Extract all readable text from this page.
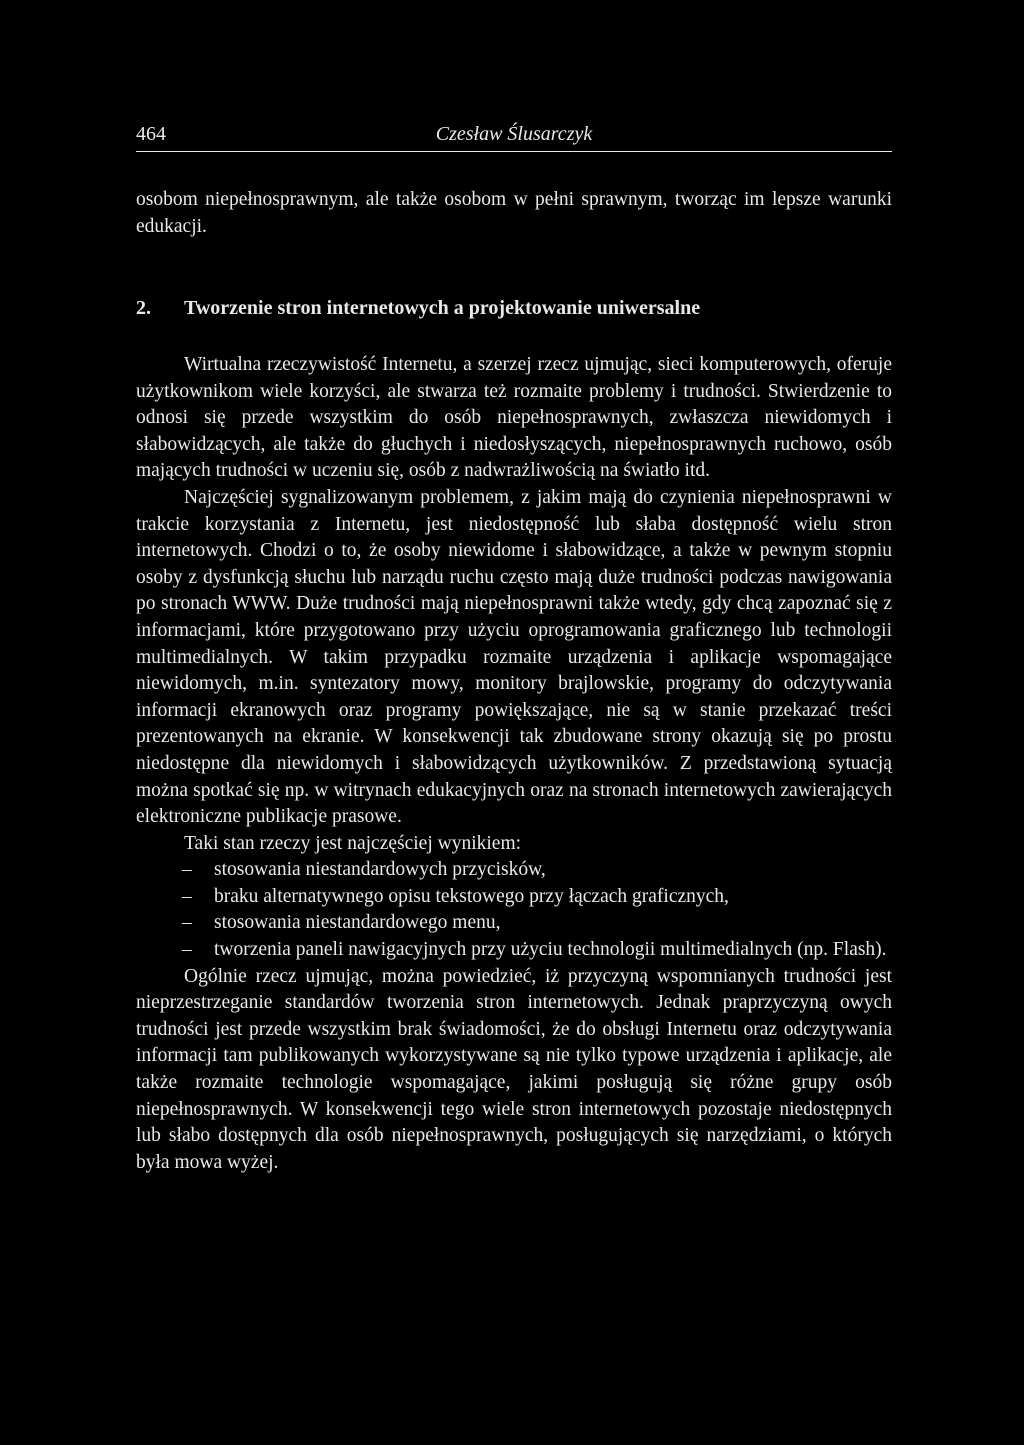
464	Czesław Ślusarczyk

osobom niepełnosprawnym, ale także osobom w pełni sprawnym, tworząc im lepsze warunki edukacji.

2. Tworzenie stron internetowych a projektowanie uniwersalne

Wirtualna rzeczywistość Internetu, a szerzej rzecz ujmując, sieci komputerowych, oferuje użytkownikom wiele korzyści, ale stwarza też rozmaite problemy i trudności. Stwierdzenie to odnosi się przede wszystkim do osób niepełnosprawnych, zwłaszcza niewidomych i słabowidzących, ale także do głuchych i niedosłyszących, niepełnosprawnych ruchowo, osób mających trudności w uczeniu się, osób z nadwrażliwością na światło itd.

Najczęściej sygnalizowanym problemem, z jakim mają do czynienia niepełnosprawni w trakcie korzystania z Internetu, jest niedostępność lub słaba dostępność wielu stron internetowych. Chodzi o to, że osoby niewidome i słabowidzące, a także w pewnym stopniu osoby z dysfunkcją słuchu lub narządu ruchu często mają duże trudności podczas nawigowania po stronach WWW. Duże trudności mają niepełnosprawni także wtedy, gdy chcą zapoznać się z informacjami, które przygotowano przy użyciu oprogramowania graficznego lub technologii multimedialnych. W takim przypadku rozmaite urządzenia i aplikacje wspomagające niewidomych, m.in. syntezatory mowy, monitory brajlowskie, programy do odczytywania informacji ekranowych oraz programy powiększające, nie są w stanie przekazać treści prezentowanych na ekranie. W konsekwencji tak zbudowane strony okazują się po prostu niedostępne dla niewidomych i słabowidzących użytkowników. Z przedstawioną sytuacją można spotkać się np. w witrynach edukacyjnych oraz na stronach internetowych zawierających elektroniczne publikacje prasowe.

Taki stan rzeczy jest najczęściej wynikiem:

– stosowania niestandardowych przycisków,
– braku alternatywnego opisu tekstowego przy łączach graficznych,
– stosowania niestandardowego menu,
– tworzenia paneli nawigacyjnych przy użyciu technologii multimedialnych (np. Flash).

Ogólnie rzecz ujmując, można powiedzieć, iż przyczyną wspomnianych trudności jest nieprzestrzeganie standardów tworzenia stron internetowych. Jednak praprzyczyną owych trudności jest przede wszystkim brak świadomości, że do obsługi Internetu oraz odczytywania informacji tam publikowanych wykorzystywane są nie tylko typowe urządzenia i aplikacje, ale także rozmaite technologie wspomagające, jakimi posługują się różne grupy osób niepełnosprawnych. W konsekwencji tego wiele stron internetowych pozostaje niedostępnych lub słabo dostępnych dla osób niepełnosprawnych, posługujących się narzędziami, o których była mowa wyżej.
